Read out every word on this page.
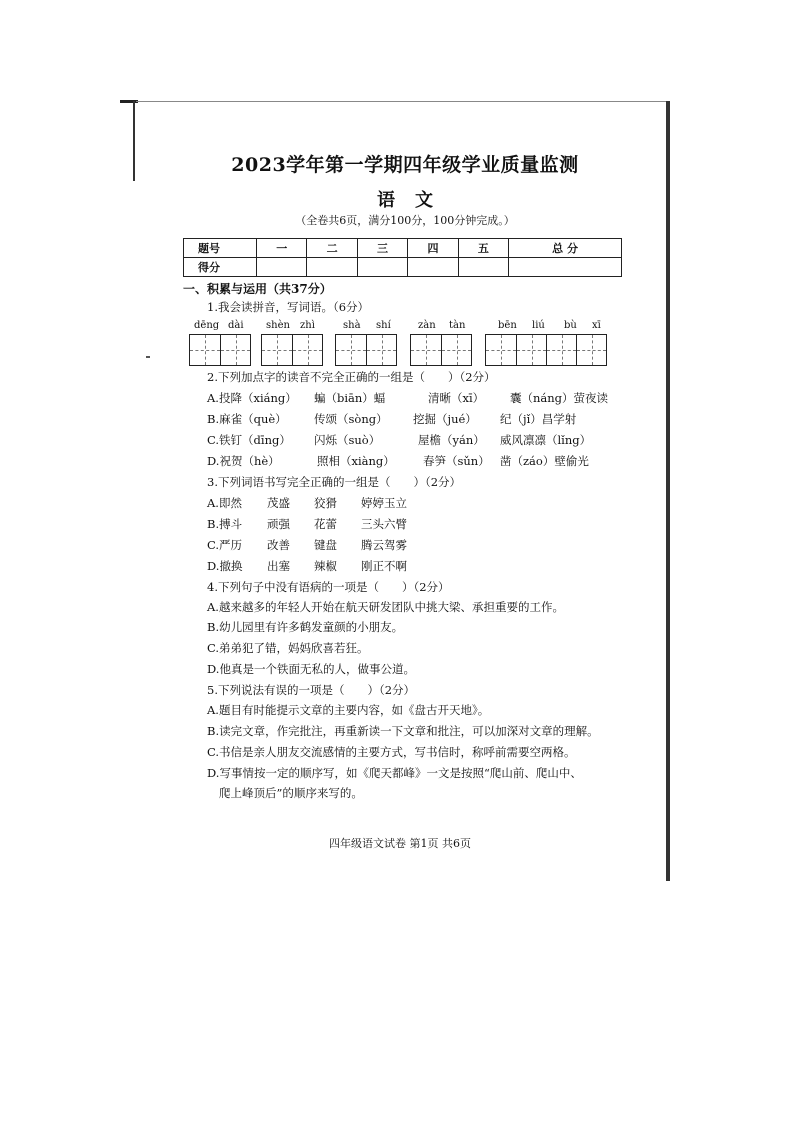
2023学年第一学期四年级学业质量监测
语文
（全卷共6页，满分100分，100分钟完成。）
题号	一	二	三	四	五	总 分
得分						
一、积累与运用（共37分）
1.我会读拼音，写词语。（6分）
dēng dài shèn zhì	shà shí	zàn tàn	bēn liú bù xī
2.下列加点字的读音不完全正确的一组是（　　）（2分）
A.投降（xiáng） 蝙（biān）蝠	清晰（xī） 囊（náng）萤夜读
B.麻雀（què） 传颂（sòng） 挖掘（jué） 纪（jǐ）昌学射
C.铁钉（dīng） 闪烁（suò）	屋檐（yán） 威风凛凛（lǐng）
D.祝贺（hè）	照相（xiàng） 春笋（sǔn） 凿（záo）壁偷光
3.下列词语书写完全正确的一组是（　　）（2分）
A.即然 茂盛 狡猾 婷婷玉立
B.搏斗 顽强 花蕾 三头六臂
C.严历 改善 键盘 腾云驾雾
D.撤换 出塞 辣椒 刚正不啊
4.下列句子中没有语病的一项是（　　）（2分）
A.越来越多的年轻人开始在航天研发团队中挑大梁、承担重要的工作。
B.幼儿园里有许多鹤发童颜的小朋友。
C.弟弟犯了错，妈妈欣喜若狂。
D.他真是一个铁面无私的人，做事公道。
5.下列说法有误的一项是（　　）（2分）
A.题目有时能提示文章的主要内容，如《盘古开天地》。
B.读完文章，作完批注，再重新读一下文章和批注，可以加深对文章的理解。
C.书信是亲人朋友交流感情的主要方式，写书信时，称呼前需要空两格。
D.写事情按一定的顺序写，如《爬天都峰》一文是按照“爬山前、爬山中、
爬上峰顶后”的顺序来写的。
四年级语文试卷 第1页 共6页
